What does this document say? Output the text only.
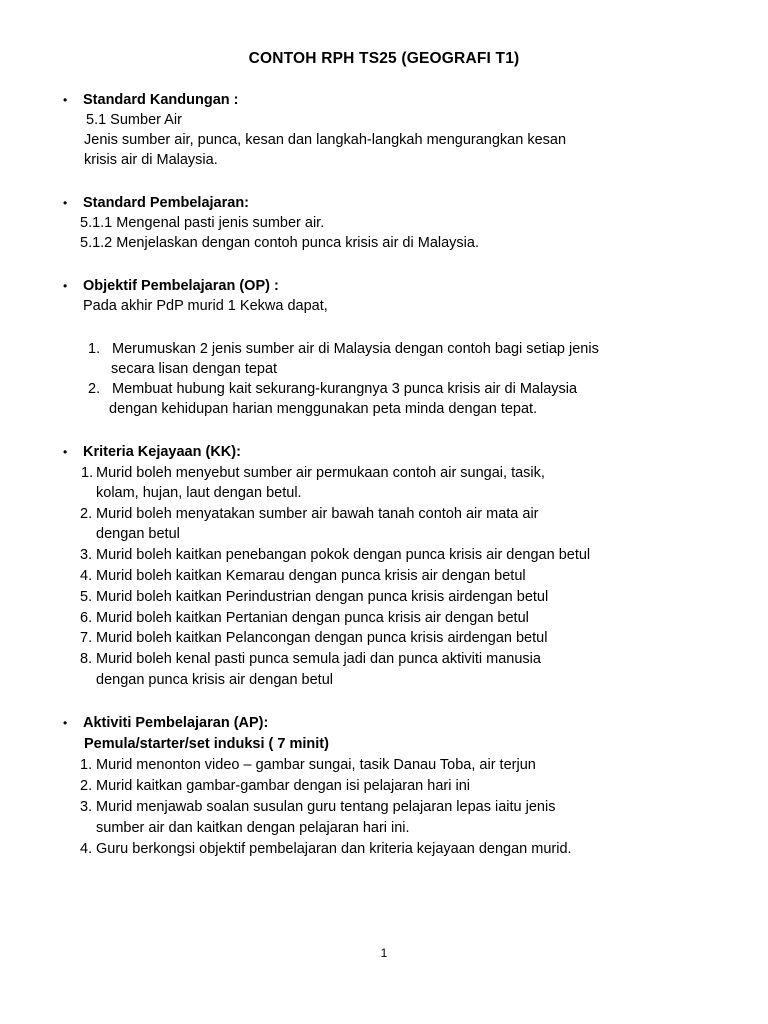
CONTOH RPH TS25 (GEOGRAFI T1)
• Standard Kandungan :
5.1 Sumber Air
Jenis sumber air, punca, kesan dan langkah-langkah mengurangkan kesan
krisis air di Malaysia.
• Standard Pembelajaran:
5.1.1 Mengenal pasti jenis sumber air.
5.1.2 Menjelaskan dengan contoh punca krisis air di Malaysia.
• Objektif Pembelajaran (OP) :
Pada akhir PdP murid 1 Kekwa dapat,
1. Merumuskan 2 jenis sumber air di Malaysia dengan contoh bagi setiap jenis
secara lisan dengan tepat
2. Membuat hubung kait sekurang-kurangnya 3 punca krisis air di Malaysia
dengan kehidupan harian menggunakan peta minda dengan tepat.
• Kriteria Kejayaan (KK):
1. Murid boleh menyebut sumber air permukaan contoh air sungai, tasik,
kolam, hujan, laut dengan betul.
2. Murid boleh menyatakan sumber air bawah tanah contoh air mata air
dengan betul
3. Murid boleh kaitkan penebangan pokok dengan punca krisis air dengan betul
4. Murid boleh kaitkan Kemarau dengan punca krisis air dengan betul
5. Murid boleh kaitkan Perindustrian dengan punca krisis airdengan betul
6. Murid boleh kaitkan Pertanian dengan punca krisis air dengan betul
7. Murid boleh kaitkan Pelancongan dengan punca krisis airdengan betul
8. Murid boleh kenal pasti punca semula jadi dan punca aktiviti manusia
dengan punca krisis air dengan betul
• Aktiviti Pembelajaran (AP):
Pemula/starter/set induksi ( 7 minit)
1. Murid menonton video – gambar sungai, tasik Danau Toba, air terjun
2. Murid kaitkan gambar-gambar dengan isi pelajaran hari ini
3. Murid menjawab soalan susulan guru tentang pelajaran lepas iaitu jenis
sumber air dan kaitkan dengan pelajaran hari ini.
4. Guru berkongsi objektif pembelajaran dan kriteria kejayaan dengan murid.
1
